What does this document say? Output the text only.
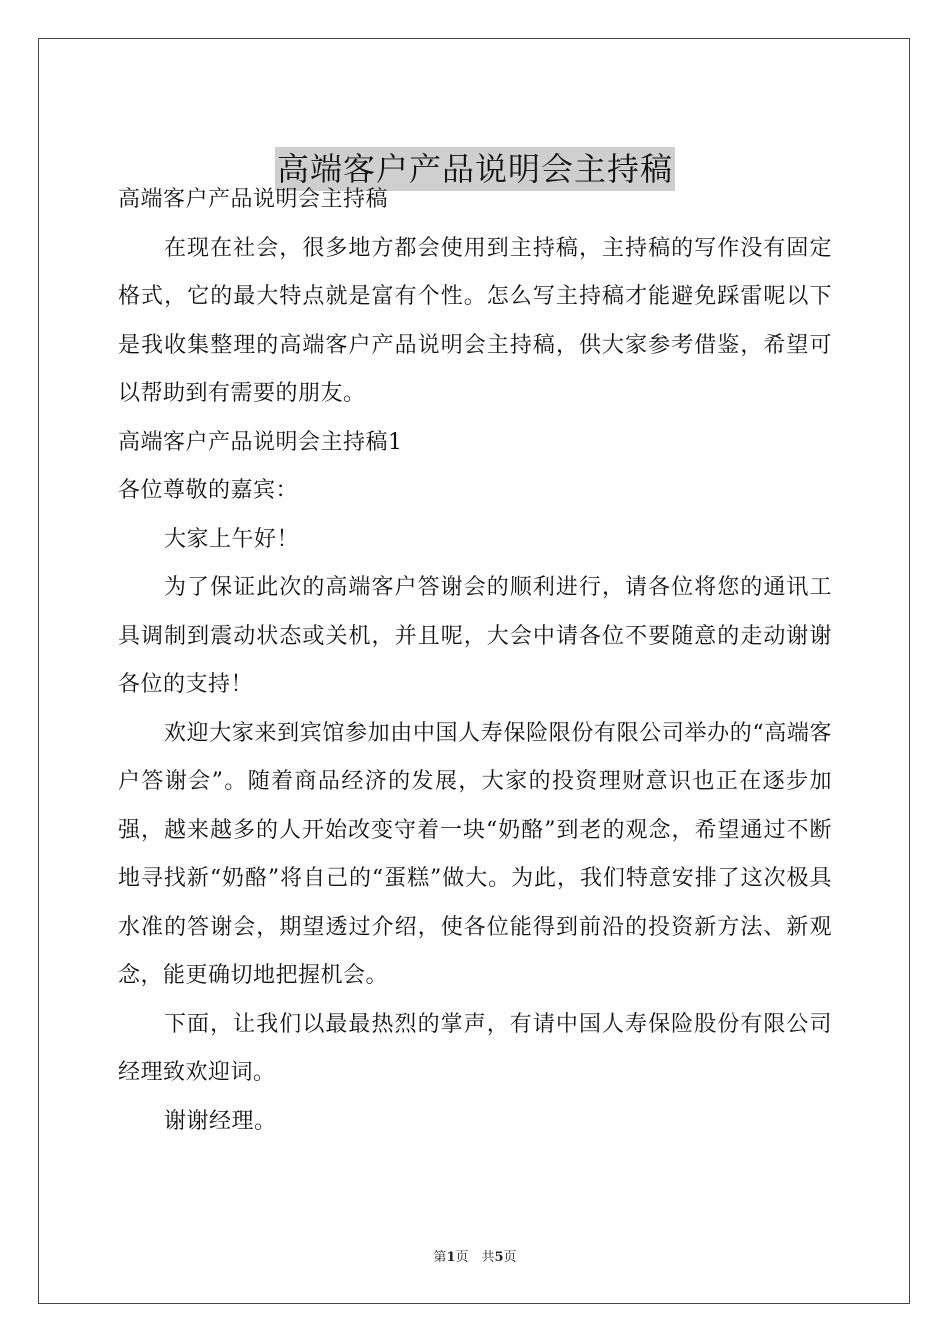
高端客户产品说明会主持稿

高端客户产品说明会主持稿

在现在社会，很多地方都会使用到主持稿，主持稿的写作没有固定格式，它的最大特点就是富有个性。怎么写主持稿才能避免踩雷呢以下是我收集整理的高端客户产品说明会主持稿，供大家参考借鉴，希望可以帮助到有需要的朋友。

高端客户产品说明会主持稿1

各位尊敬的嘉宾：

大家上午好！

为了保证此次的高端客户答谢会的顺利进行，请各位将您的通讯工具调制到震动状态或关机，并且呢，大会中请各位不要随意的走动谢谢各位的支持！

欢迎大家来到宾馆参加由中国人寿保险限份有限公司举办的“高端客户答谢会”。随着商品经济的发展，大家的投资理财意识也正在逐步加强，越来越多的人开始改变守着一块“奶酪”到老的观念，希望通过不断地寻找新“奶酪”将自己的“蛋糕”做大。为此，我们特意安排了这次极具水准的答谢会，期望透过介绍，使各位能得到前沿的投资新方法、新观念，能更确切地把握机会。

下面，让我们以最最热烈的掌声，有请中国人寿保险股份有限公司经理致欢迎词。

谢谢经理。

第1页　共5页
